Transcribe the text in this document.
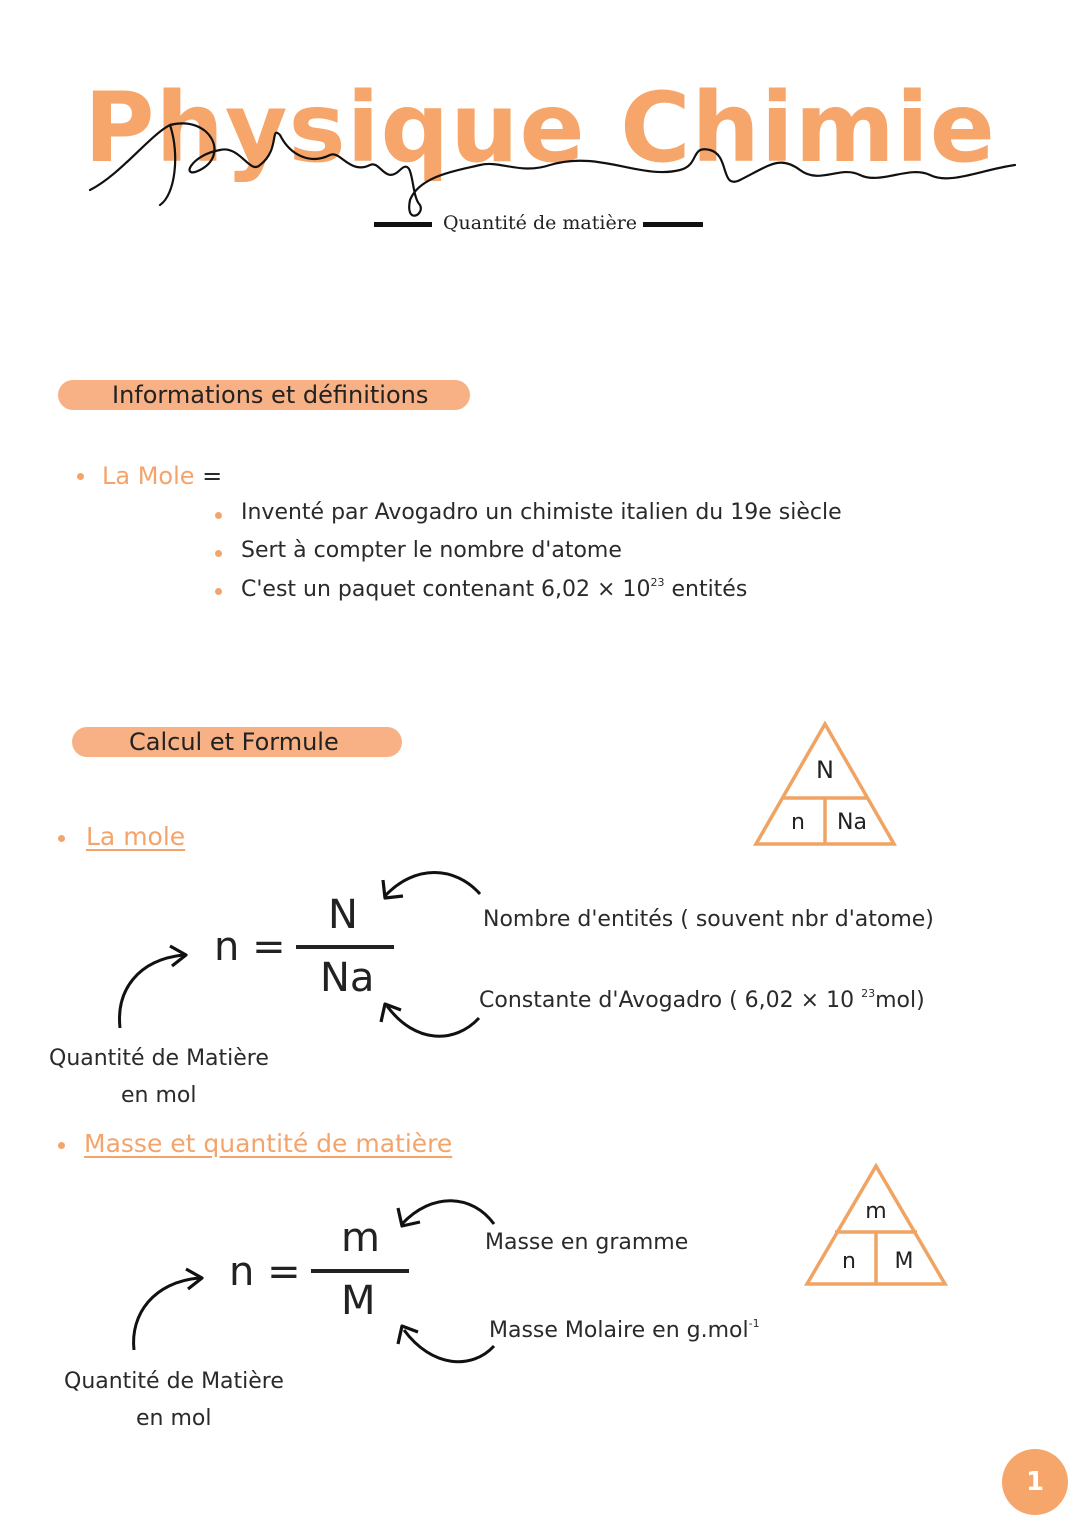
Physique Chimie
Quantité de matière
Informations et définitions
La Mole =
Inventé par Avogadro un chimiste italien du 19e siècle
Sert à compter le nombre d'atome
C'est un paquet contenant $6,02 \times 10^{23}$ entités
Calcul et Formule
N
n Na
La mole
n =
N
Na
Nombre d'entités ( souvent nbr d'atome)
Constante d'Avogadro ( 6,02 × 10 $^{23}$mol)
Quantité de Matière
en mol
Masse et quantité de matière
m
n M
n =
m
M
Masse en gramme
Masse Molaire en g.mol$^{-1}$
Quantité de Matière
en mol
1
